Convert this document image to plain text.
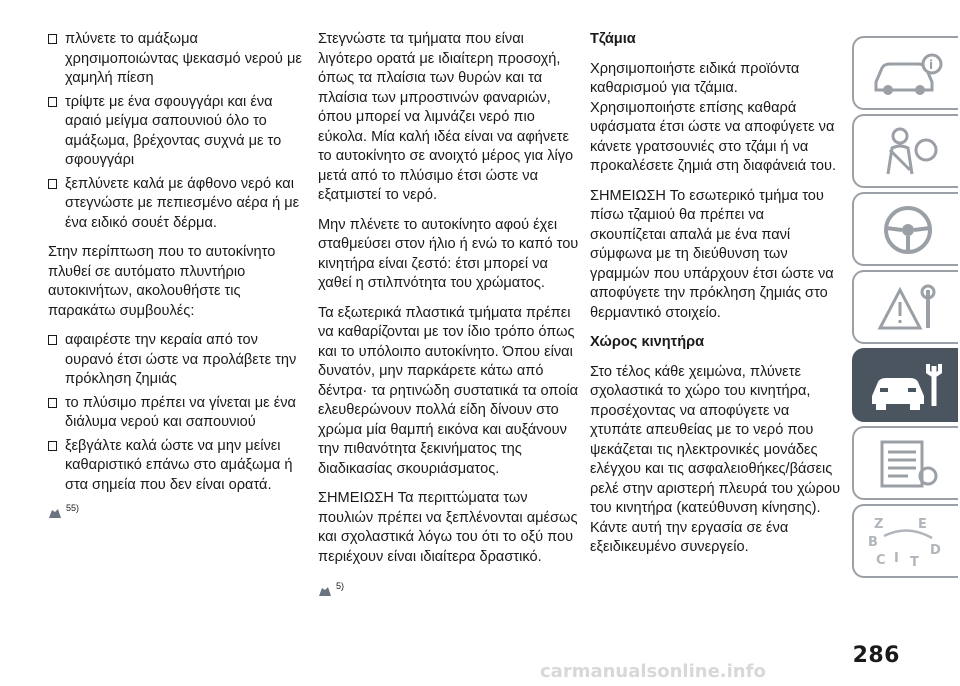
πλύνετε το αμάξωμα χρησιμοποιώντας ψεκασμό νερού με χαμηλή πίεση
τρίψτε με ένα σφουγγάρι και ένα αραιό μείγμα σαπουνιού όλο το αμάξωμα, βρέχοντας συχνά με το σφουγγάρι
ξεπλύνετε καλά με άφθονο νερό και στεγνώστε με πεπιεσμένο αέρα ή με ένα ειδικό σουέτ δέρμα.

Στην περίπτωση που το αυτοκίνητο πλυθεί σε αυτόματο πλυντήριο αυτοκινήτων, ακολουθήστε τις παρακάτω συμβουλές:

αφαιρέστε την κεραία από τον ουρανό έτσι ώστε να προλάβετε την πρόκληση ζημιάς
το πλύσιμο πρέπει να γίνεται με ένα διάλυμα νερού και σαπουνιού
ξεβγάλτε καλά ώστε να μην μείνει καθαριστικό επάνω στο αμάξωμα ή στα σημεία που δεν είναι ορατά.
55)

Στεγνώστε τα τμήματα που είναι λιγότερο ορατά με ιδιαίτερη προσοχή, όπως τα πλαίσια των θυρών και τα πλαίσια των μπροστινών φαναριών, όπου μπορεί να λιμνάζει νερό πιο εύκολα. Μία καλή ιδέα είναι να αφήνετε το αυτοκίνητο σε ανοιχτό μέρος για λίγο μετά από το πλύσιμο έτσι ώστε να εξατμιστεί το νερό.

Μην πλένετε το αυτοκίνητο αφού έχει σταθμεύσει στον ήλιο ή ενώ το καπό του κινητήρα είναι ζεστό: έτσι μπορεί να χαθεί η στιλπνότητα του χρώματος.

Τα εξωτερικά πλαστικά τμήματα πρέπει να καθαρίζονται με τον ίδιο τρόπο όπως και το υπόλοιπο αυτοκίνητο. Όπου είναι δυνατόν, μην παρκάρετε κάτω από δέντρα· τα ρητινώδη συστατικά τα οποία ελευθερώνουν πολλά είδη δίνουν στο χρώμα μία θαμπή εικόνα και αυξάνουν την πιθανότητα ξεκινήματος της διαδικασίας σκουριάσματος.

ΣΗΜΕΙΩΣΗ Τα περιττώματα των πουλιών πρέπει να ξεπλένονται αμέσως και σχολαστικά λόγω του ότι το οξύ που περιέχουν είναι ιδιαίτερα δραστικό.

5)
Τζάμια

Χρησιμοποιήστε ειδικά προϊόντα καθαρισμού για τζάμια. Χρησιμοποιήστε επίσης καθαρά υφάσματα έτσι ώστε να αποφύγετε να κάνετε γρατσουνιές στο τζάμι ή να προκαλέσετε ζημιά στη διαφάνειά του.

ΣΗΜΕΙΩΣΗ Το εσωτερικό τμήμα του πίσω τζαμιού θα πρέπει να σκουπίζεται απαλά με ένα πανί σύμφωνα με τη διεύθυνση των γραμμών που υπάρχουν έτσι ώστε να αποφύγετε την πρόκληση ζημιάς στο θερμαντικό στοιχείο.

Χώρος κινητήρα

Στο τέλος κάθε χειμώνα, πλύνετε σχολαστικά το χώρο του κινητήρα, προσέχοντας να αποφύγετε να χτυπάτε απευθείας με το νερό που ψεκάζεται τις ηλεκτρονικές μονάδες ελέγχου και τις ασφαλειοθήκες/βάσεις ρελέ στην αριστερή πλευρά του χώρου του κινητήρα (κατεύθυνση κίνησης). Κάντε αυτή την εργασία σε ένα εξειδικευμένο συνεργείο.

i
Z	E
B
I
C T
D
286
carmanualsonline.info
